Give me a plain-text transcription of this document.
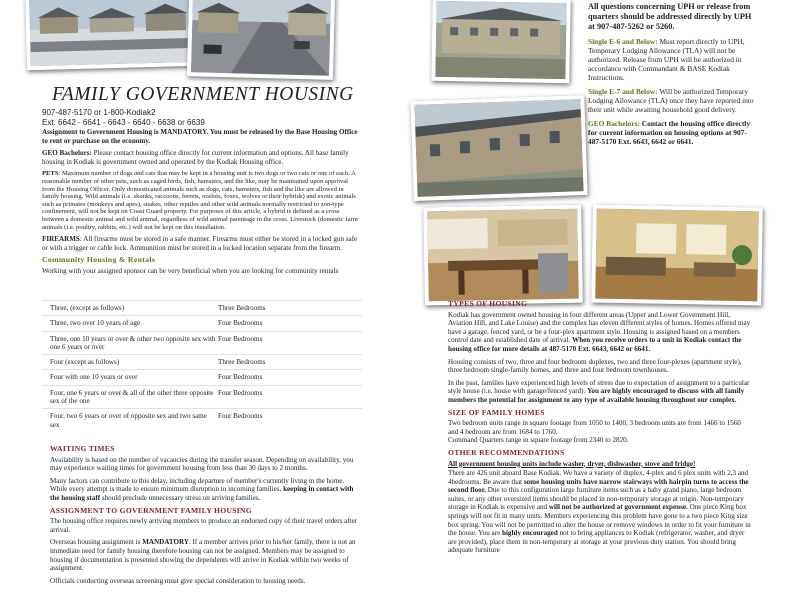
FAMILY GOVERNMENT HOUSING
907-487-5170 or 1-800-Kodiak2
Ext. 6642 - 6641 - 6643 - 6640 - 6638 or 6639

Assignment to Government Housing is MANDATORY. You must be released by the Base Housing Office to rent or purchase on the economy.

GEO Bachelors: Please contact housing office directly for current information and options. All base family housing in Kodiak is government owned and operated by the Kodiak Housing office.

PETS: Maximum number of dogs and cats that may be kept in a housing unit is two dogs or two cats or one of each. A reasonable number of other pets, such as caged birds, fish, hamsters, and the like, may be maintained upon approval from the Housing Officer. Only domesticated animals such as dogs, cats, hamsters, fish and the like are allowed in family housing. Wild animals (i.e. skunks, raccoons, ferrets, ocelots, foxes, wolves or their hybrids) and exotic animals such as primates (monkeys and apes), snakes, other reptiles and other wild animals normally restricted to zoo-type confinement, will not be kept on Coast Guard property. For purposes of this article, a hybrid is defined as a cross between a domestic animal and wild animal, regardless of wild animal parentage in the cross. Livestock (domestic farm animals (i.e. poultry, rabbits, etc.) will not be kept on this installation.

FIREARMS: All firearms must be stored in a safe manner. Firearms must either be stored in a locked gun safe or with a trigger or cable lock. Ammunition must be stored in a locked location separate from the firearm.

Community Housing & Rentals

Working with your assigned sponsor can be very beneficial when you are looking for community rentals

Three, (except as follows)	Three Bedrooms
Three, two over 10 years of age	Four Bedrooms
Three, one 10 years or over & other two opposite sex with one 6 years or over	Four Bedrooms
Four (except as follows)	Three Bedrooms
Four with one 10 years or over	Four Bedrooms
Four, one 6 years or over & all of the other three opposite sex of the one	Four Bedrooms
Four, two 6 years or over of opposite sex and two same sex	Four Bedrooms
WAITING TIMES

Availability is based on the number of vacancies during the transfer season. Depending on availability, you may experience waiting times for government housing from less than 30 days to 2 months.

Many factors can contribute to this delay, including departure of member's currently living in the home. While every attempt is made to ensure minimum disruption to incoming families, keeping in contact with the housing staff should preclude unnecessary stress on arriving families.

ASSIGNMENT TO GOVERNMENT FAMILY HOUSING

The housing office requires newly arriving members to produce an endorsed copy of their travel orders after arrival.

Overseas housing assignment is MANDATORY. If a member arrives prior to his/her family, there is not an immediate need for family housing therefore housing can not be assigned. Members may be assigned to housing if documentation is presented showing the dependents will arrive in Kodiak within two weeks of assignment.

Officials conducting overseas screening must give special consideration to housing needs.

All questions concerning UPH or release from quarters should be addressed directly by UPH at 907-487-5262 or 5260.

Single E-6 and Below: Must report directly to UPH, Temporary Lodging Allowance (TLA) will not be authorized. Release from UPH will be authorized in accordance with Commandant & BASE Kodiak Instructions.

Single E-7 and Below: Will be authorized Temporary Lodging Allowance (TLA) once they have reported into their unit while awaiting household good delivery.

GEO Bachelors: Contact the housing office directly for current information on housing options at 907-487-5170 Ext. 6643, 6642 or 6641.

TYPES OF HOUSING

Kodiak has government owned housing in four different areas (Upper and Lower Government Hill, Aviation Hill, and Lake Louise) and the complex has eleven different styles of homes. Homes offered may have a garage, fenced yard, or be a four-plex apartment style. Housing is assigned based on a members control date and established date of arrival. When you receive orders to a unit in Kodiak contact the housing office for more details at 487-5170 Ext. 6643, 6642 or 6641.

Housing consists of two, three and four bedroom duplexes, two and three four-plexes (apartment style), three bedroom single-family homes, and three and four bedroom townhouses.

In the past, families have experienced high levels of stress due to expectation of assignment to a particular style house (i.e. house with garage/fenced yard). You are highly encouraged to discuss with all family members the potential for assignment to any type of available housing throughout our complex.

SIZE OF FAMILY HOMES

Two bedroom units range in square footage from 1050 to 1400, 3 bedroom units are from 1466 to 1560 and 4 bedroom are from 1684 to 1760.

Command Quarters range in square footage from 2340 to 2820.

OTHER RECOMMENDATIONS

All government housing units include washer, dryer, dishwasher, stove and fridge!

There are 426 unit aboard Base Kodiak. We have a variety of duplex, 4-plex and 6 plex units with 2,3 and 4bedrooms. Be aware that some housing units have narrow stairways with hairpin turns to access the second floor. Due to this configuration large furniture items such as a baby grand piano, large bedroom suites, or any other oversized items should be placed in non-temporary storage at origin. Non-temporary storage in Kodiak is expensive and will not be authorized at government expense. One piece King box springs will not fit in many units. Members experiencing this problem have gone to a two piece King size box spring. You will not be permitted to alter the house or remove windows in order to fit your furniture in the house. You are highly encouraged not to bring appliances to Kodiak (refrigerator, washer, and dryer are provided), place them in non-temporary at storage at your previous duty station. You should bring adequate furniture
